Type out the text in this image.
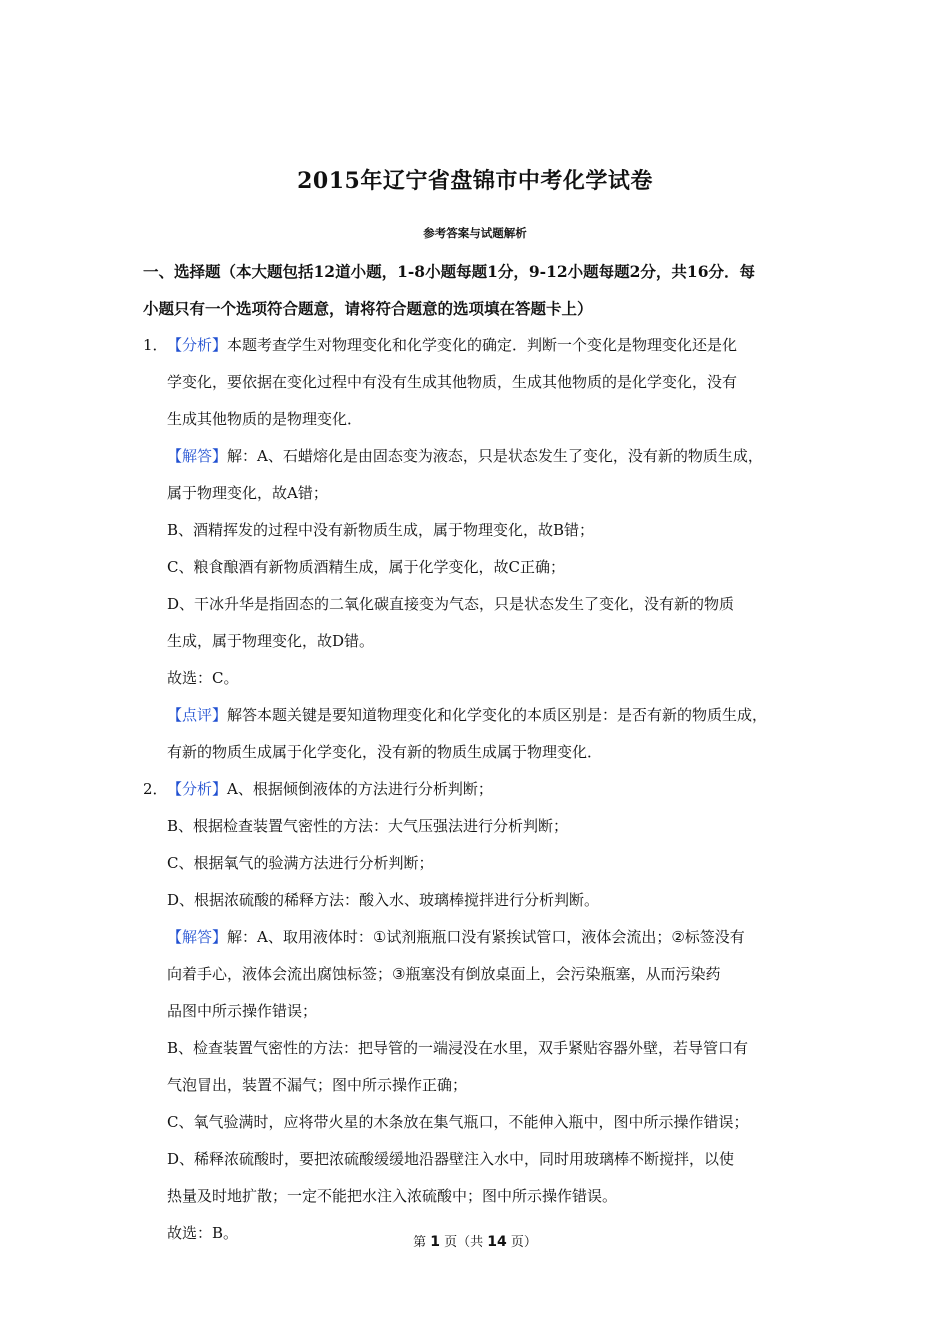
2015年辽宁省盘锦市中考化学试卷
参考答案与试题解析
一、选择题（本大题包括12道小题，1-8小题每题1分，9-12小题每题2分，共16分．每
小题只有一个选项符合题意，请将符合题意的选项填在答题卡上）
1． 【分析】本题考查学生对物理变化和化学变化的确定．判断一个变化是物理变化还是化
学变化，要依据在变化过程中有没有生成其他物质，生成其他物质的是化学变化，没有
生成其他物质的是物理变化．
【解答】解：A、石蜡熔化是由固态变为液态，只是状态发生了变化，没有新的物质生成，
属于物理变化，故A错；
B、酒精挥发的过程中没有新物质生成，属于物理变化，故B错；
C、粮食酿酒有新物质酒精生成，属于化学变化，故C正确；
D、干冰升华是指固态的二氧化碳直接变为气态，只是状态发生了变化，没有新的物质
生成，属于物理变化，故D错。
故选：C。
【点评】解答本题关键是要知道物理变化和化学变化的本质区别是：是否有新的物质生成，
有新的物质生成属于化学变化，没有新的物质生成属于物理变化．
2． 【分析】A、根据倾倒液体的方法进行分析判断；
B、根据检查装置气密性的方法：大气压强法进行分析判断；
C、根据氧气的验满方法进行分析判断；
D、根据浓硫酸的稀释方法：酸入水、玻璃棒搅拌进行分析判断。
【解答】解：A、取用液体时：①试剂瓶瓶口没有紧挨试管口，液体会流出；②标签没有
向着手心，液体会流出腐蚀标签；③瓶塞没有倒放桌面上，会污染瓶塞，从而污染药
品图中所示操作错误；
B、检查装置气密性的方法：把导管的一端浸没在水里，双手紧贴容器外壁，若导管口有
气泡冒出，装置不漏气；图中所示操作正确；
C、氧气验满时，应将带火星的木条放在集气瓶口，不能伸入瓶中，图中所示操作错误；
D、稀释浓硫酸时，要把浓硫酸缓缓地沿器壁注入水中，同时用玻璃棒不断搅拌，以使
热量及时地扩散；一定不能把水注入浓硫酸中；图中所示操作错误。
故选：B。
第 1 页（共 14 页）
